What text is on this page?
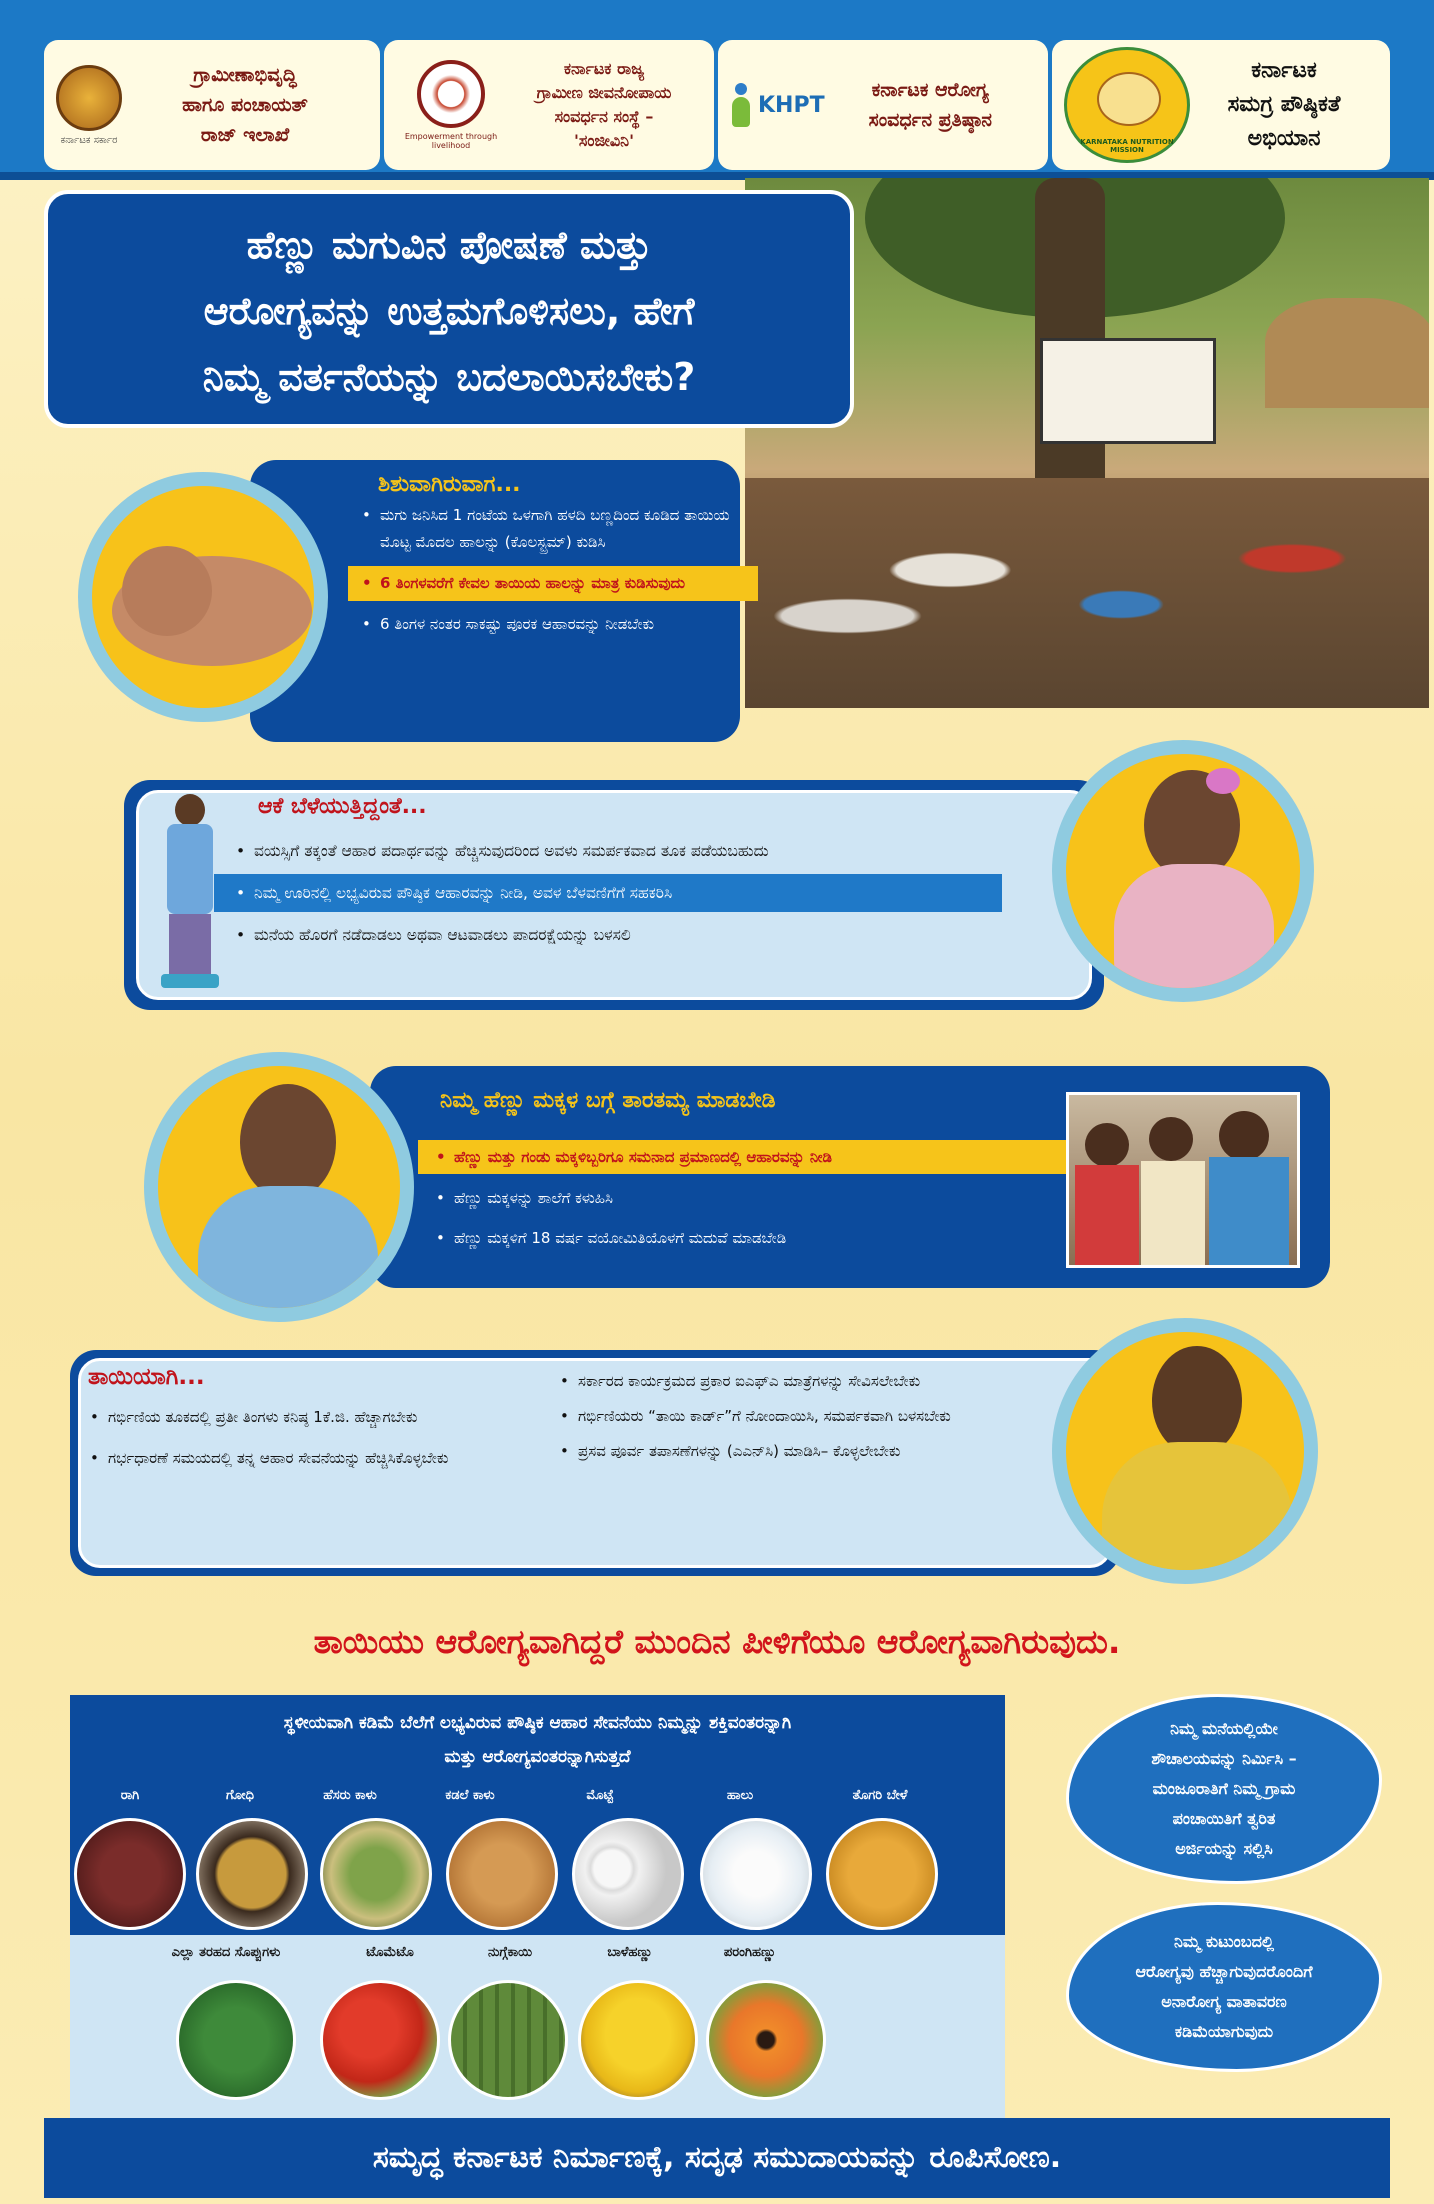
ಕರ್ನಾಟಕ ಸರ್ಕಾರ
ಗ್ರಾಮೀಣಾಭಿವೃದ್ಧಿ
ಹಾಗೂ ಪಂಚಾಯತ್
ರಾಜ್ ಇಲಾಖೆ	Empowerment through livelihood
ಕರ್ನಾಟಕ ರಾಜ್ಯ
ಗ್ರಾಮೀಣ ಜೀವನೋಪಾಯ
ಸಂವರ್ಧನ ಸಂಸ್ಥೆ –
'ಸಂಜೀವಿನಿ'
KHPT
ಕರ್ನಾಟಕ ಆರೋಗ್ಯ
ಸಂವರ್ಧನ ಪ್ರತಿಷ್ಠಾನ
KARNATAKA NUTRITION MISSION
ಕರ್ನಾಟಕ
ಸಮಗ್ರ ಪೌಷ್ಠಿಕತೆ
ಅಭಿಯಾನ
ಹೆಣ್ಣು ಮಗುವಿನ ಪೋಷಣೆ ಮತ್ತು
ಆರೋಗ್ಯವನ್ನು ಉತ್ತಮಗೊಳಿಸಲು, ಹೇಗೆ
ನಿಮ್ಮ ವರ್ತನೆಯನ್ನು ಬದಲಾಯಿಸಬೇಕು?
ಶಿಶುವಾಗಿರುವಾಗ...
• ಮಗು ಜನಿಸಿದ 1 ಗಂಟೆಯ ಒಳಗಾಗಿ ಹಳದಿ ಬಣ್ಣದಿಂದ ಕೂಡಿದ ತಾಯಿಯ ಮೊಟ್ಟ ಮೊದಲ ಹಾಲನ್ನು (ಕೊಲಸ್ಟ್ರಮ್) ಕುಡಿಸಿ
• 6 ತಿಂಗಳವರೆಗೆ ಕೇವಲ ತಾಯಿಯ ಹಾಲನ್ನು ಮಾತ್ರ ಕುಡಿಸುವುದು
• 6 ತಿಂಗಳ ನಂತರ ಸಾಕಷ್ಟು ಪೂರಕ ಆಹಾರವನ್ನು ನೀಡಬೇಕು
ಆಕೆ ಬೆಳೆಯುತ್ತಿದ್ದಂತೆ...
• ವಯಸ್ಸಿಗೆ ತಕ್ಕಂತೆ ಆಹಾರ ಪದಾರ್ಥವನ್ನು ಹೆಚ್ಚಿಸುವುದರಿಂದ ಅವಳು ಸಮರ್ಪಕವಾದ ತೂಕ ಪಡೆಯಬಹುದು
• ನಿಮ್ಮ ಊರಿನಲ್ಲಿ ಲಭ್ಯವಿರುವ ಪೌಷ್ಠಿಕ ಆಹಾರವನ್ನು ನೀಡಿ, ಅವಳ ಬೆಳವಣಿಗೆಗೆ ಸಹಕರಿಸಿ
• ಮನೆಯ ಹೊರಗೆ ನಡೆದಾಡಲು ಅಥವಾ ಆಟವಾಡಲು ಪಾದರಕ್ಷೆಯನ್ನು ಬಳಸಲಿ
ನಿಮ್ಮ ಹೆಣ್ಣು ಮಕ್ಕಳ ಬಗ್ಗೆ ತಾರತಮ್ಯ ಮಾಡಬೇಡಿ
• ಹೆಣ್ಣು ಮತ್ತು ಗಂಡು ಮಕ್ಕಳಿಬ್ಬರಿಗೂ ಸಮನಾದ ಪ್ರಮಾಣದಲ್ಲಿ ಆಹಾರವನ್ನು ನೀಡಿ
• ಹೆಣ್ಣು ಮಕ್ಕಳನ್ನು ಶಾಲೆಗೆ ಕಳುಹಿಸಿ
• ಹೆಣ್ಣು ಮಕ್ಕಳಿಗೆ 18 ವರ್ಷ ವಯೋಮಿತಿಯೊಳಗೆ ಮದುವೆ ಮಾಡಬೇಡಿ
ತಾಯಿಯಾಗಿ...
• ಗರ್ಭಿಣಿಯ ತೂಕದಲ್ಲಿ ಪ್ರತೀ ತಿಂಗಳು ಕನಿಷ್ಠ 1ಕೆ.ಜಿ. ಹೆಚ್ಚಾಗಬೇಕು
• ಗರ್ಭಧಾರಣೆ ಸಮಯದಲ್ಲಿ ತನ್ನ ಆಹಾರ ಸೇವನೆಯನ್ನು ಹೆಚ್ಚಿಸಿಕೊಳ್ಳಬೇಕು
• ಸರ್ಕಾರದ ಕಾರ್ಯಕ್ರಮದ ಪ್ರಕಾರ ಐಎಫ್‌ಎ ಮಾತ್ರೆಗಳನ್ನು ಸೇವಿಸಲೇಬೇಕು
• ಗರ್ಭಿಣಿಯರು “ತಾಯಿ ಕಾರ್ಡ್”ಗೆ ನೋಂದಾಯಿಸಿ, ಸಮರ್ಪಕವಾಗಿ ಬಳಸಬೇಕು
• ಪ್ರಸವ ಪೂರ್ವ ತಪಾಸಣೆಗಳನ್ನು (ಎಎನ್‌ಸಿ) ಮಾಡಿಸಿ– ಕೊಳ್ಳಲೇಬೇಕು
ತಾಯಿಯು ಆರೋಗ್ಯವಾಗಿದ್ದರೆ ಮುಂದಿನ ಪೀಳಿಗೆಯೂ ಆರೋಗ್ಯವಾಗಿರುವುದು.
ಸ್ಥಳೀಯವಾಗಿ ಕಡಿಮೆ ಬೆಲೆಗೆ ಲಭ್ಯವಿರುವ ಪೌಷ್ಠಿಕ ಆಹಾರ ಸೇವನೆಯು ನಿಮ್ಮನ್ನು ಶಕ್ತಿವಂತರನ್ನಾಗಿ
ಮತ್ತು ಆರೋಗ್ಯವಂತರನ್ನಾಗಿಸುತ್ತದೆ
ರಾಗಿ	ಗೋಧಿ	ಹೆಸರು ಕಾಳು	ಕಡಲೆ ಕಾಳು	ಮೊಟ್ಟೆ	ಹಾಲು	ತೊಗರಿ ಬೇಳೆ
ಎಲ್ಲಾ ತರಹದ ಸೊಪ್ಪುಗಳು	ಟೊಮೆಟೊ	ನುಗ್ಗೆಕಾಯಿ	ಬಾಳೆಹಣ್ಣು	ಪರಂಗಿಹಣ್ಣು
ನಿಮ್ಮ ಮನೆಯಲ್ಲಿಯೇ
ಶೌಚಾಲಯವನ್ನು ನಿರ್ಮಿಸಿ –
ಮಂಜೂರಾತಿಗೆ ನಿಮ್ಮ ಗ್ರಾಮ
ಪಂಚಾಯಿತಿಗೆ ತ್ವರಿತ
ಅರ್ಜಿಯನ್ನು ಸಲ್ಲಿಸಿ
ನಿಮ್ಮ ಕುಟುಂಬದಲ್ಲಿ
ಆರೋಗ್ಯವು ಹೆಚ್ಚಾಗುವುದರೊಂದಿಗೆ
ಅನಾರೋಗ್ಯ ವಾತಾವರಣ
ಕಡಿಮೆಯಾಗುವುದು
ಸಮೃದ್ಧ ಕರ್ನಾಟಕ ನಿರ್ಮಾಣಕ್ಕೆ, ಸದೃಢ ಸಮುದಾಯವನ್ನು ರೂಪಿಸೋಣ.
